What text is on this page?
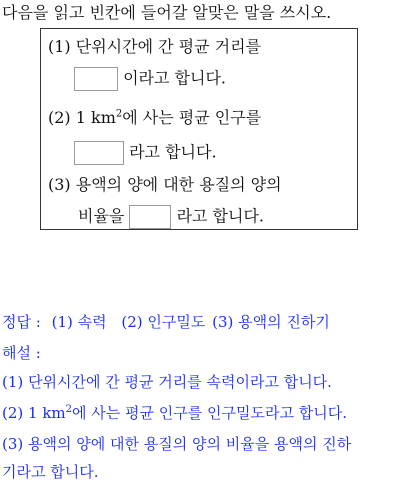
다음을 읽고 빈칸에 들어갈 알맞은 말을 쓰시오.
(1) 단위시간에 간 평균 거리를
이라고 합니다.
(2) 1 $km^2$에 사는 평균 인구를
라고 합니다.
(3) 용액의 양에 대한 용질의 양의
비율을	라고 합니다.
정답 : (1) 속력 (2) 인구밀도 (3) 용액의 진하기
해설 :
(1) 단위시간에 간 평균 거리를 속력이라고 합니다.
(2) 1 $km^2$에 사는 평균 인구를 인구밀도라고 합니다.
(3) 용액의 양에 대한 용질의 양의 비율을 용액의 진하
기라고 합니다.
